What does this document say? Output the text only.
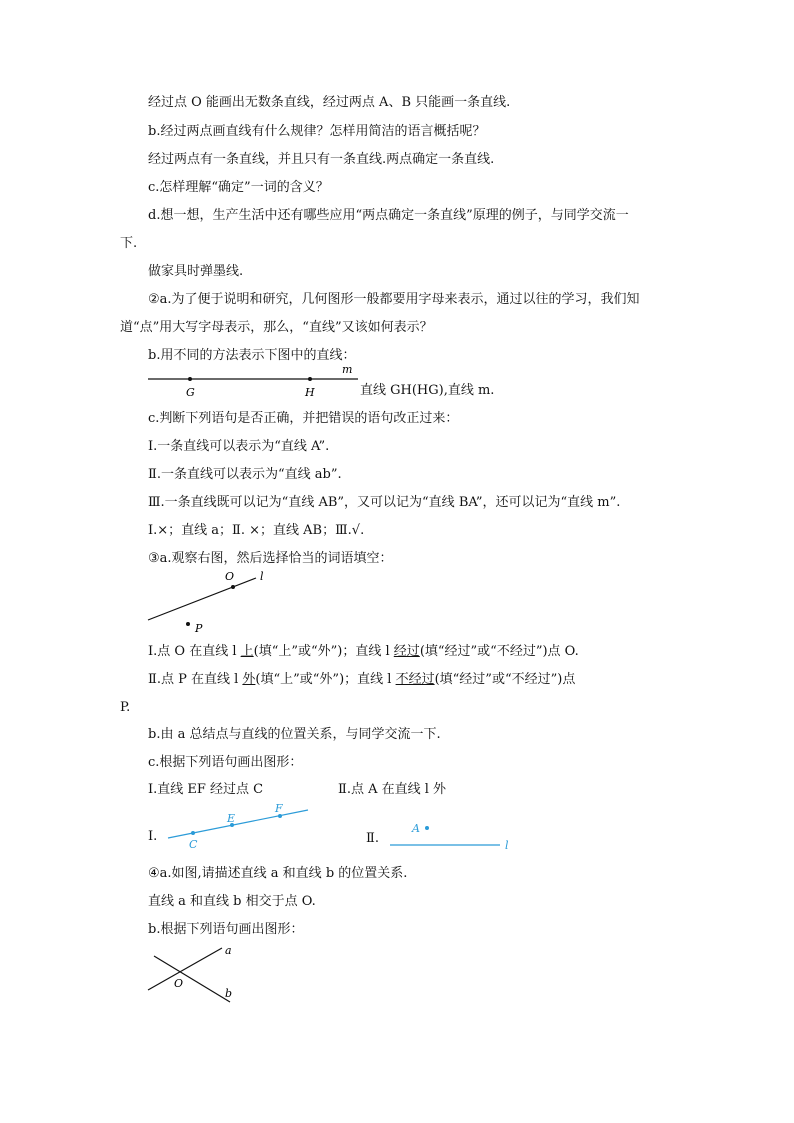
经过点 O 能画出无数条直线，经过两点 A、B 只能画一条直线.
b.经过两点画直线有什么规律？怎样用简洁的语言概括呢？
经过两点有一条直线，并且只有一条直线.两点确定一条直线.
c.怎样理解“确定”一词的含义？
d.想一想，生产生活中还有哪些应用“两点确定一条直线”原理的例子，与同学交流一
下.
做家具时弹墨线.
②a.为了便于说明和研究，几何图形一般都要用字母来表示，通过以往的学习，我们知
道“点”用大写字母表示，那么，“直线”又该如何表示？
b.用不同的方法表示下图中的直线：
G	H
m
直线 GH(HG),直线 m.
c.判断下列语句是否正确，并把错误的语句改正过来：
Ⅰ.一条直线可以表示为“直线 A”.
Ⅱ.一条直线可以表示为“直线 ab”.
Ⅲ.一条直线既可以记为“直线 AB”，又可以记为“直线 BA”，还可以记为“直线 m”.
Ⅰ.×；直线 a；Ⅱ. ×；直线 AB；Ⅲ.√.
③a.观察右图，然后选择恰当的词语填空：
O l
P
Ⅰ.点 O 在直线 l 上(填“上”或“外”)；直线 l 经过(填“经过”或“不经过”)点 O.
Ⅱ.点 P 在直线 l 外(填“上”或“外”)；直线 l 不经过(填“经过”或“不经过”)点
P.
b.由 a 总结点与直线的位置关系，与同学交流一下.
c.根据下列语句画出图形：
Ⅰ.直线 EF 经过点 C	Ⅱ.点 A 在直线 l 外
Ⅰ.
C
E
F
Ⅱ.
A
l
④a.如图,请描述直线 a 和直线 b 的位置关系.
直线 a 和直线 b 相交于点 O.
b.根据下列语句画出图形：
a
b
O
